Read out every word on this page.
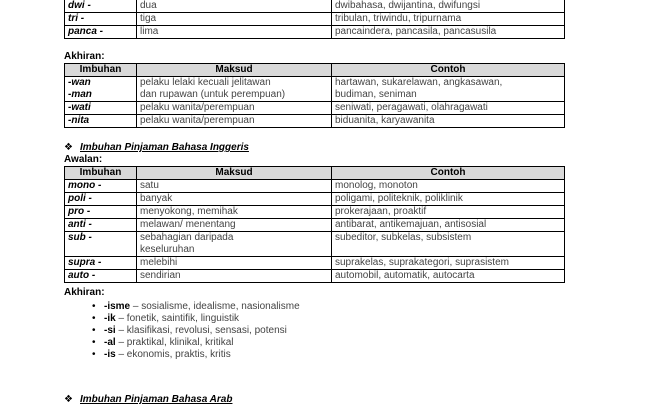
dwi -	dua	dwibahasa, dwijantina, dwifungsi
tri -	tiga	tribulan, triwindu, tripurnama
panca -	lima	pancaindera, pancasila, pancasusila

Akhiran:

Imbuhan	Maksud	Contoh
-wan	pelaku lelaki kecuali jelitawan	hartawan, sukarelawan, angkasawan,
-man	dan rupawan (untuk perempuan)	budiman, seniman
-wati	pelaku wanita/perempuan	seniwati, peragawati, olahragawati
-nita	pelaku wanita/perempuan	biduanita, karyawanita
❖ Imbuhan Pinjaman Bahasa Inggeris

Awalan:

Imbuhan	Maksud	Contoh
mono -	satu	monolog, monoton
poli -	banyak	poligami, politeknik, poliklinik
pro -	menyokong, memihak	prokerajaan, proaktif
anti -	melawan/ menentang	antibarat, antikemajuan, antisosial
sub -	sebahagian daripada	subeditor, subkelas, subsistem
	keseluruhan	
supra -	melebihi	suprakelas, suprakategori, suprasistem
auto -	sendirian	automobil, automatik, autocarta

Akhiran:

• -isme – sosialisme, idealisme, nasionalisme
• -ik – fonetik, saintifik, linguistik
• -si – klasifikasi, revolusi, sensasi, potensi
• -al – praktikal, klinikal, kritikal
• -is – ekonomis, praktis, kritis
❖ Imbuhan Pinjaman Bahasa Arab
